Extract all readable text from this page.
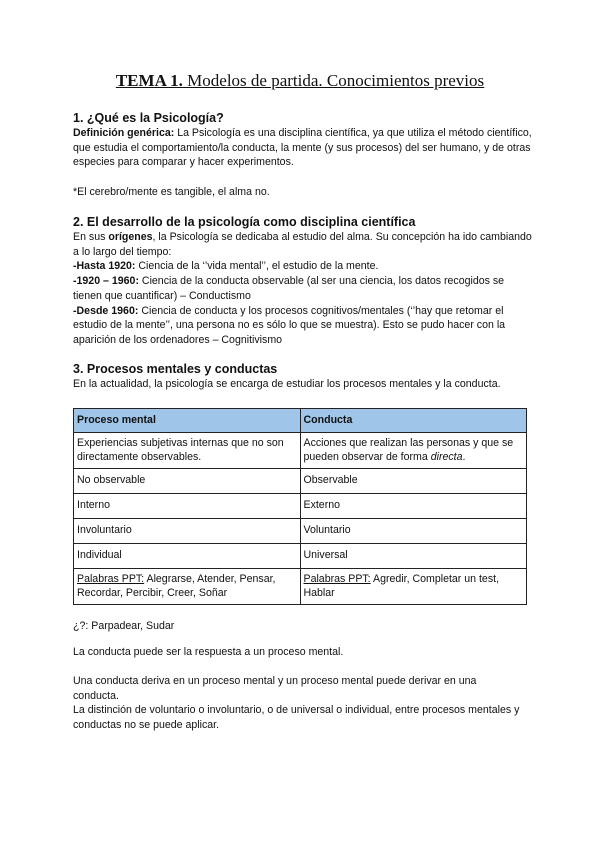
TEMA 1. Modelos de partida. Conocimientos previos
1. ¿Qué es la Psicología?
Definición genérica: La Psicología es una disciplina científica, ya que utiliza el método científico, que estudia el comportamiento/la conducta, la mente (y sus procesos) del ser humano, y de otras especies para comparar y hacer experimentos.
*El cerebro/mente es tangible, el alma no.
2. El desarrollo de la psicología como disciplina científica
En sus orígenes, la Psicología se dedicaba al estudio del alma. Su concepción ha ido cambiando a lo largo del tiempo:
-Hasta 1920: Ciencia de la ‘’vida mental’’, el estudio de la mente.
-1920 – 1960: Ciencia de la conducta observable (al ser una ciencia, los datos recogidos se tienen que cuantificar) – Conductismo
-Desde 1960: Ciencia de conducta y los procesos cognitivos/mentales (‘’hay que retomar el estudio de la mente’’, una persona no es sólo lo que se muestra). Esto se pudo hacer con la aparición de los ordenadores – Cognitivismo
3. Procesos mentales y conductas
En la actualidad, la psicología se encarga de estudiar los procesos mentales y la conducta.
Proceso mental	Conducta
Experiencias subjetivas internas que no son directamente observables.	Acciones que realizan las personas y que se pueden observar de forma directa.
No observable	Observable
Interno	Externo
Involuntario	Voluntario
Individual	Universal
Palabras PPT: Alegrarse, Atender, Pensar, Recordar, Percibir, Creer, Soñar	Palabras PPT: Agredir, Completar un test, Hablar
¿?: Parpadear, Sudar
La conducta puede ser la respuesta a un proceso mental.
Una conducta deriva en un proceso mental y un proceso mental puede derivar en una conducta.
La distinción de voluntario o involuntario, o de universal o individual, entre procesos mentales y conductas no se puede aplicar.
